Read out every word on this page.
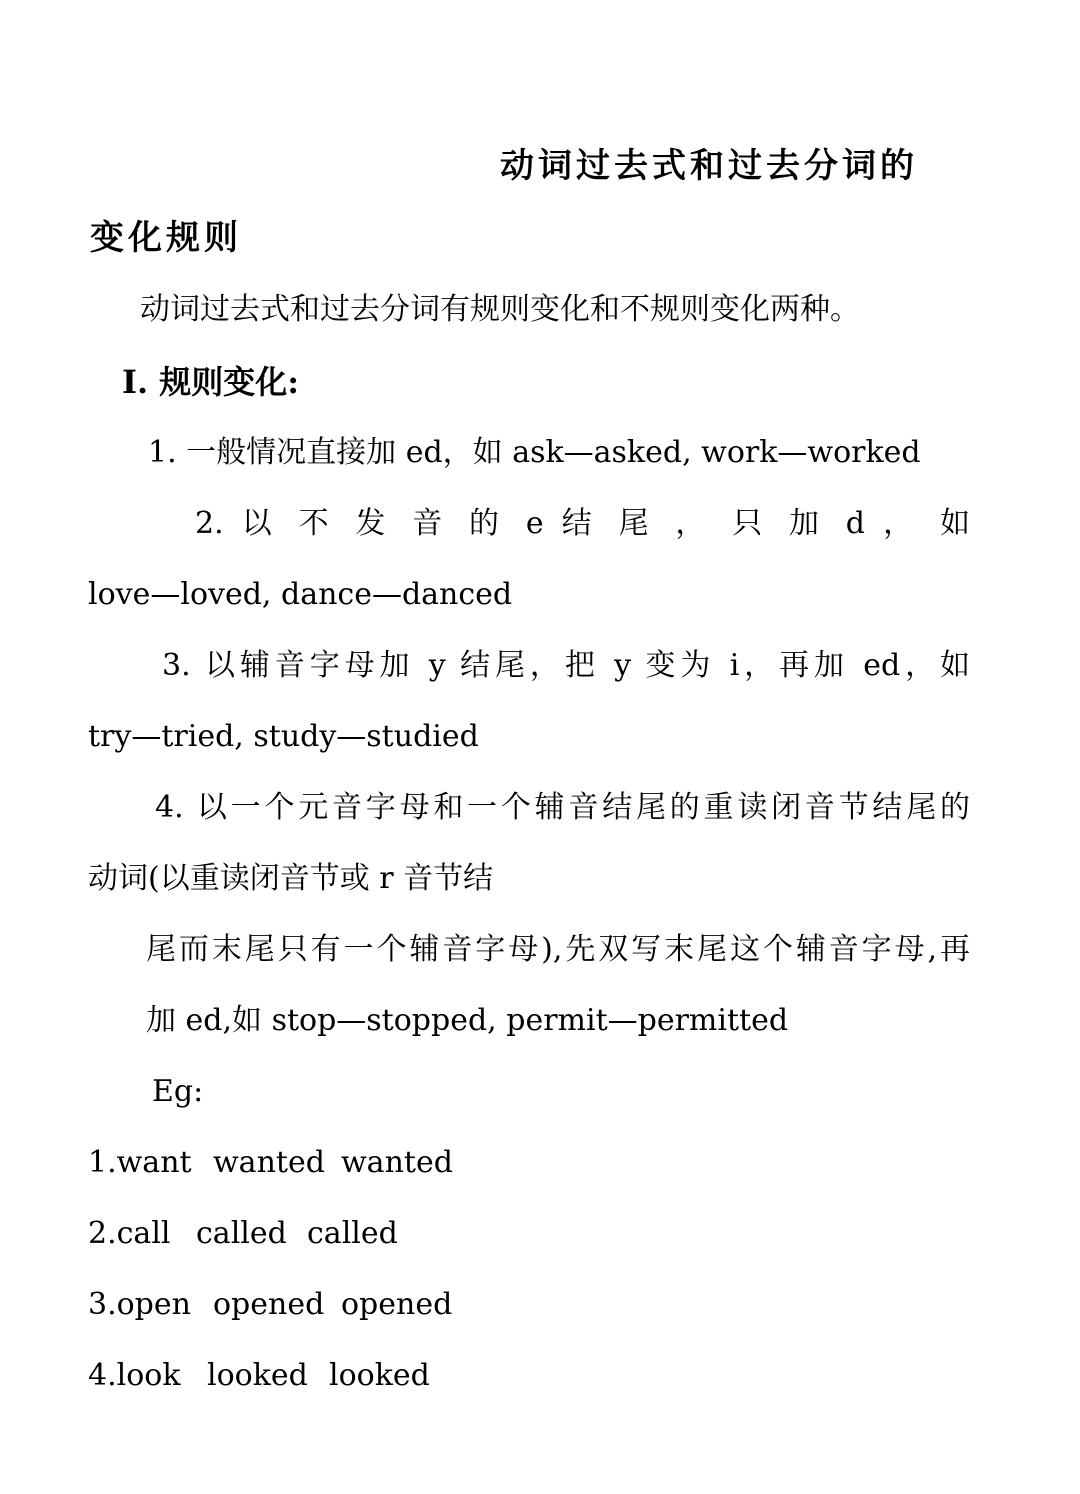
动词过去式和过去分词的
变化规则
动词过去式和过去分词有规则变化和不规则变化两种。
Ⅰ. 规则变化:
1. 一般情况直接加 ed，如 ask—asked, work—worked
2. 以 不 发 音 的 e 结 尾 ， 只 加 d ， 如
love—loved, dance—danced
3. 以辅音字母加 y 结尾，把 y 变为 i，再加 ed，如
try—tried, study—studied
4. 以一个元音字母和一个辅音结尾的重读闭音节结尾的
动词(以重读闭音节或 r 音节结
尾而末尾只有一个辅音字母),先双写末尾这个辅音字母,再
加 ed,如 stop—stopped, permit—permitted
Eg:
1.want wanted wanted
2.call called called
3.open opened opened
4.look looked looked
